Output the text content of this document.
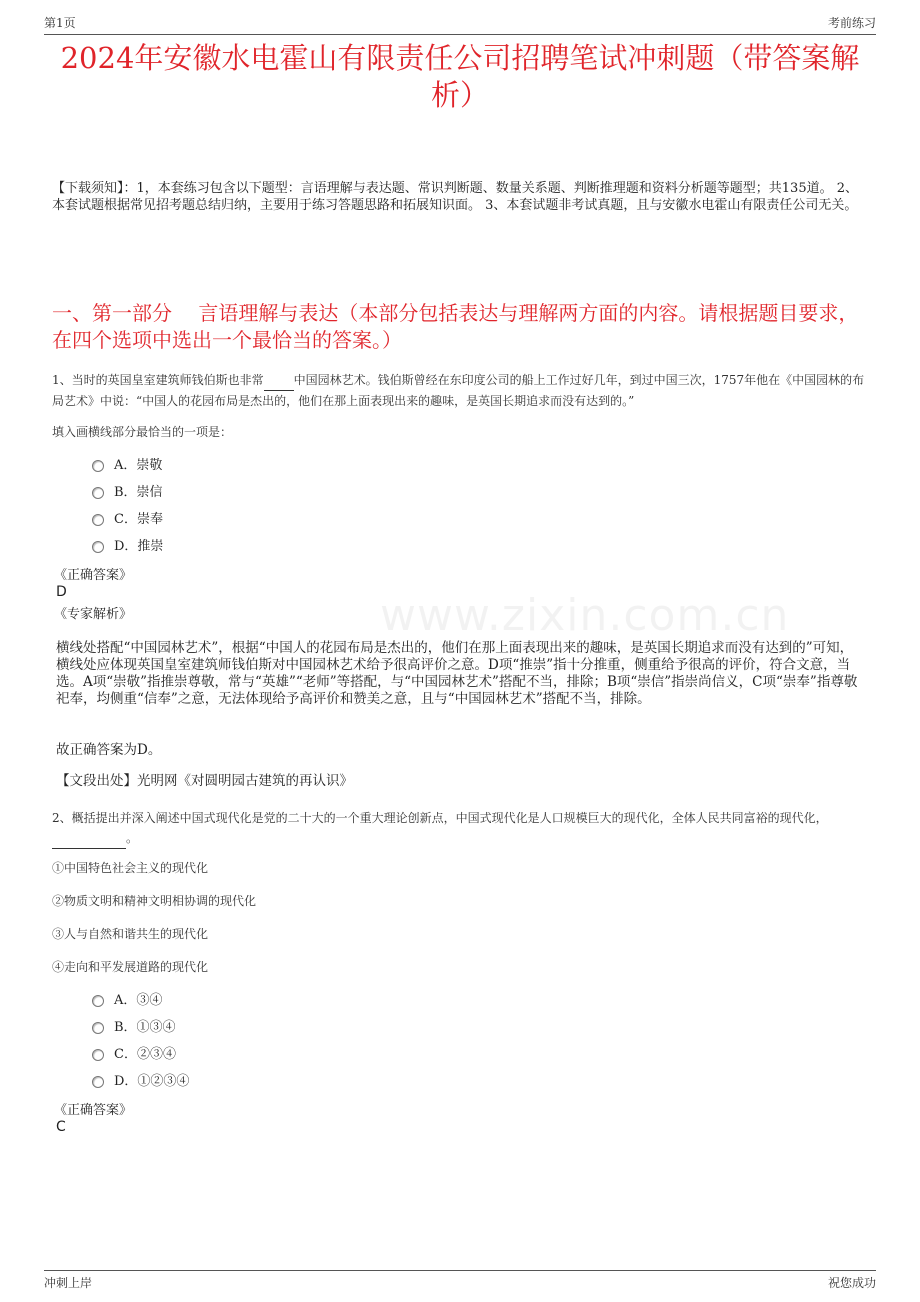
第1页	考前练习
www.zixin.com.cn
2024年安徽水电霍山有限责任公司招聘笔试冲刺题（带答案解析）

【下载须知】：1，本套练习包含以下题型：言语理解与表达题、常识判断题、数量关系题、判断推理题和资料分析题等题型；共135道。 2、本套试题根据常见招考题总结归纳，主要用于练习答题思路和拓展知识面。 3、本套试题非考试真题，且与安徽水电霍山有限责任公司无关。

一、第一部分　 言语理解与表达（本部分包括表达与理解两方面的内容。请根据题目要求，在四个选项中选出一个最恰当的答案。）

1、当时的英国皇室建筑师钱伯斯也非常	中国园林艺术。钱伯斯曾经在东印度公司的船上工作过好几年，到过中国三次，1757年他在《中国园林的布局艺术》中说：“中国人的花园布局是杰出的，他们在那上面表现出来的趣味，是英国长期追求而没有达到的。”

填入画横线部分最恰当的一项是：

A．崇敬
B．崇信
C．崇奉
D．推崇

《正确答案》

D

《专家解析》

横线处搭配“中国园林艺术”，根据“中国人的花园布局是杰出的，他们在那上面表现出来的趣味，是英国长期追求而没有达到的”可知，横线处应体现英国皇室建筑师钱伯斯对中国园林艺术给予很高评价之意。D项“推崇”指十分推重，侧重给予很高的评价，符合文意，当选。A项“崇敬”指推崇尊敬，常与“英雄”“老师”等搭配，与“中国园林艺术”搭配不当，排除；B项“崇信”指崇尚信义，C项“崇奉”指尊敬祀奉，均侧重“信奉”之意，无法体现给予高评价和赞美之意，且与“中国园林艺术”搭配不当，排除。

故正确答案为D。

【文段出处】光明网《对圆明园古建筑的再认识》

2、概括提出并深入阐述中国式现代化是党的二十大的一个重大理论创新点，中国式现代化是人口规模巨大的现代化，全体人民共同富裕的现代化， 。

①中国特色社会主义的现代化

②物质文明和精神文明相协调的现代化

③人与自然和谐共生的现代化

④走向和平发展道路的现代化

A．③④
B．①③④
C．②③④
D．①②③④

《正确答案》

C

冲刺上岸	祝您成功
